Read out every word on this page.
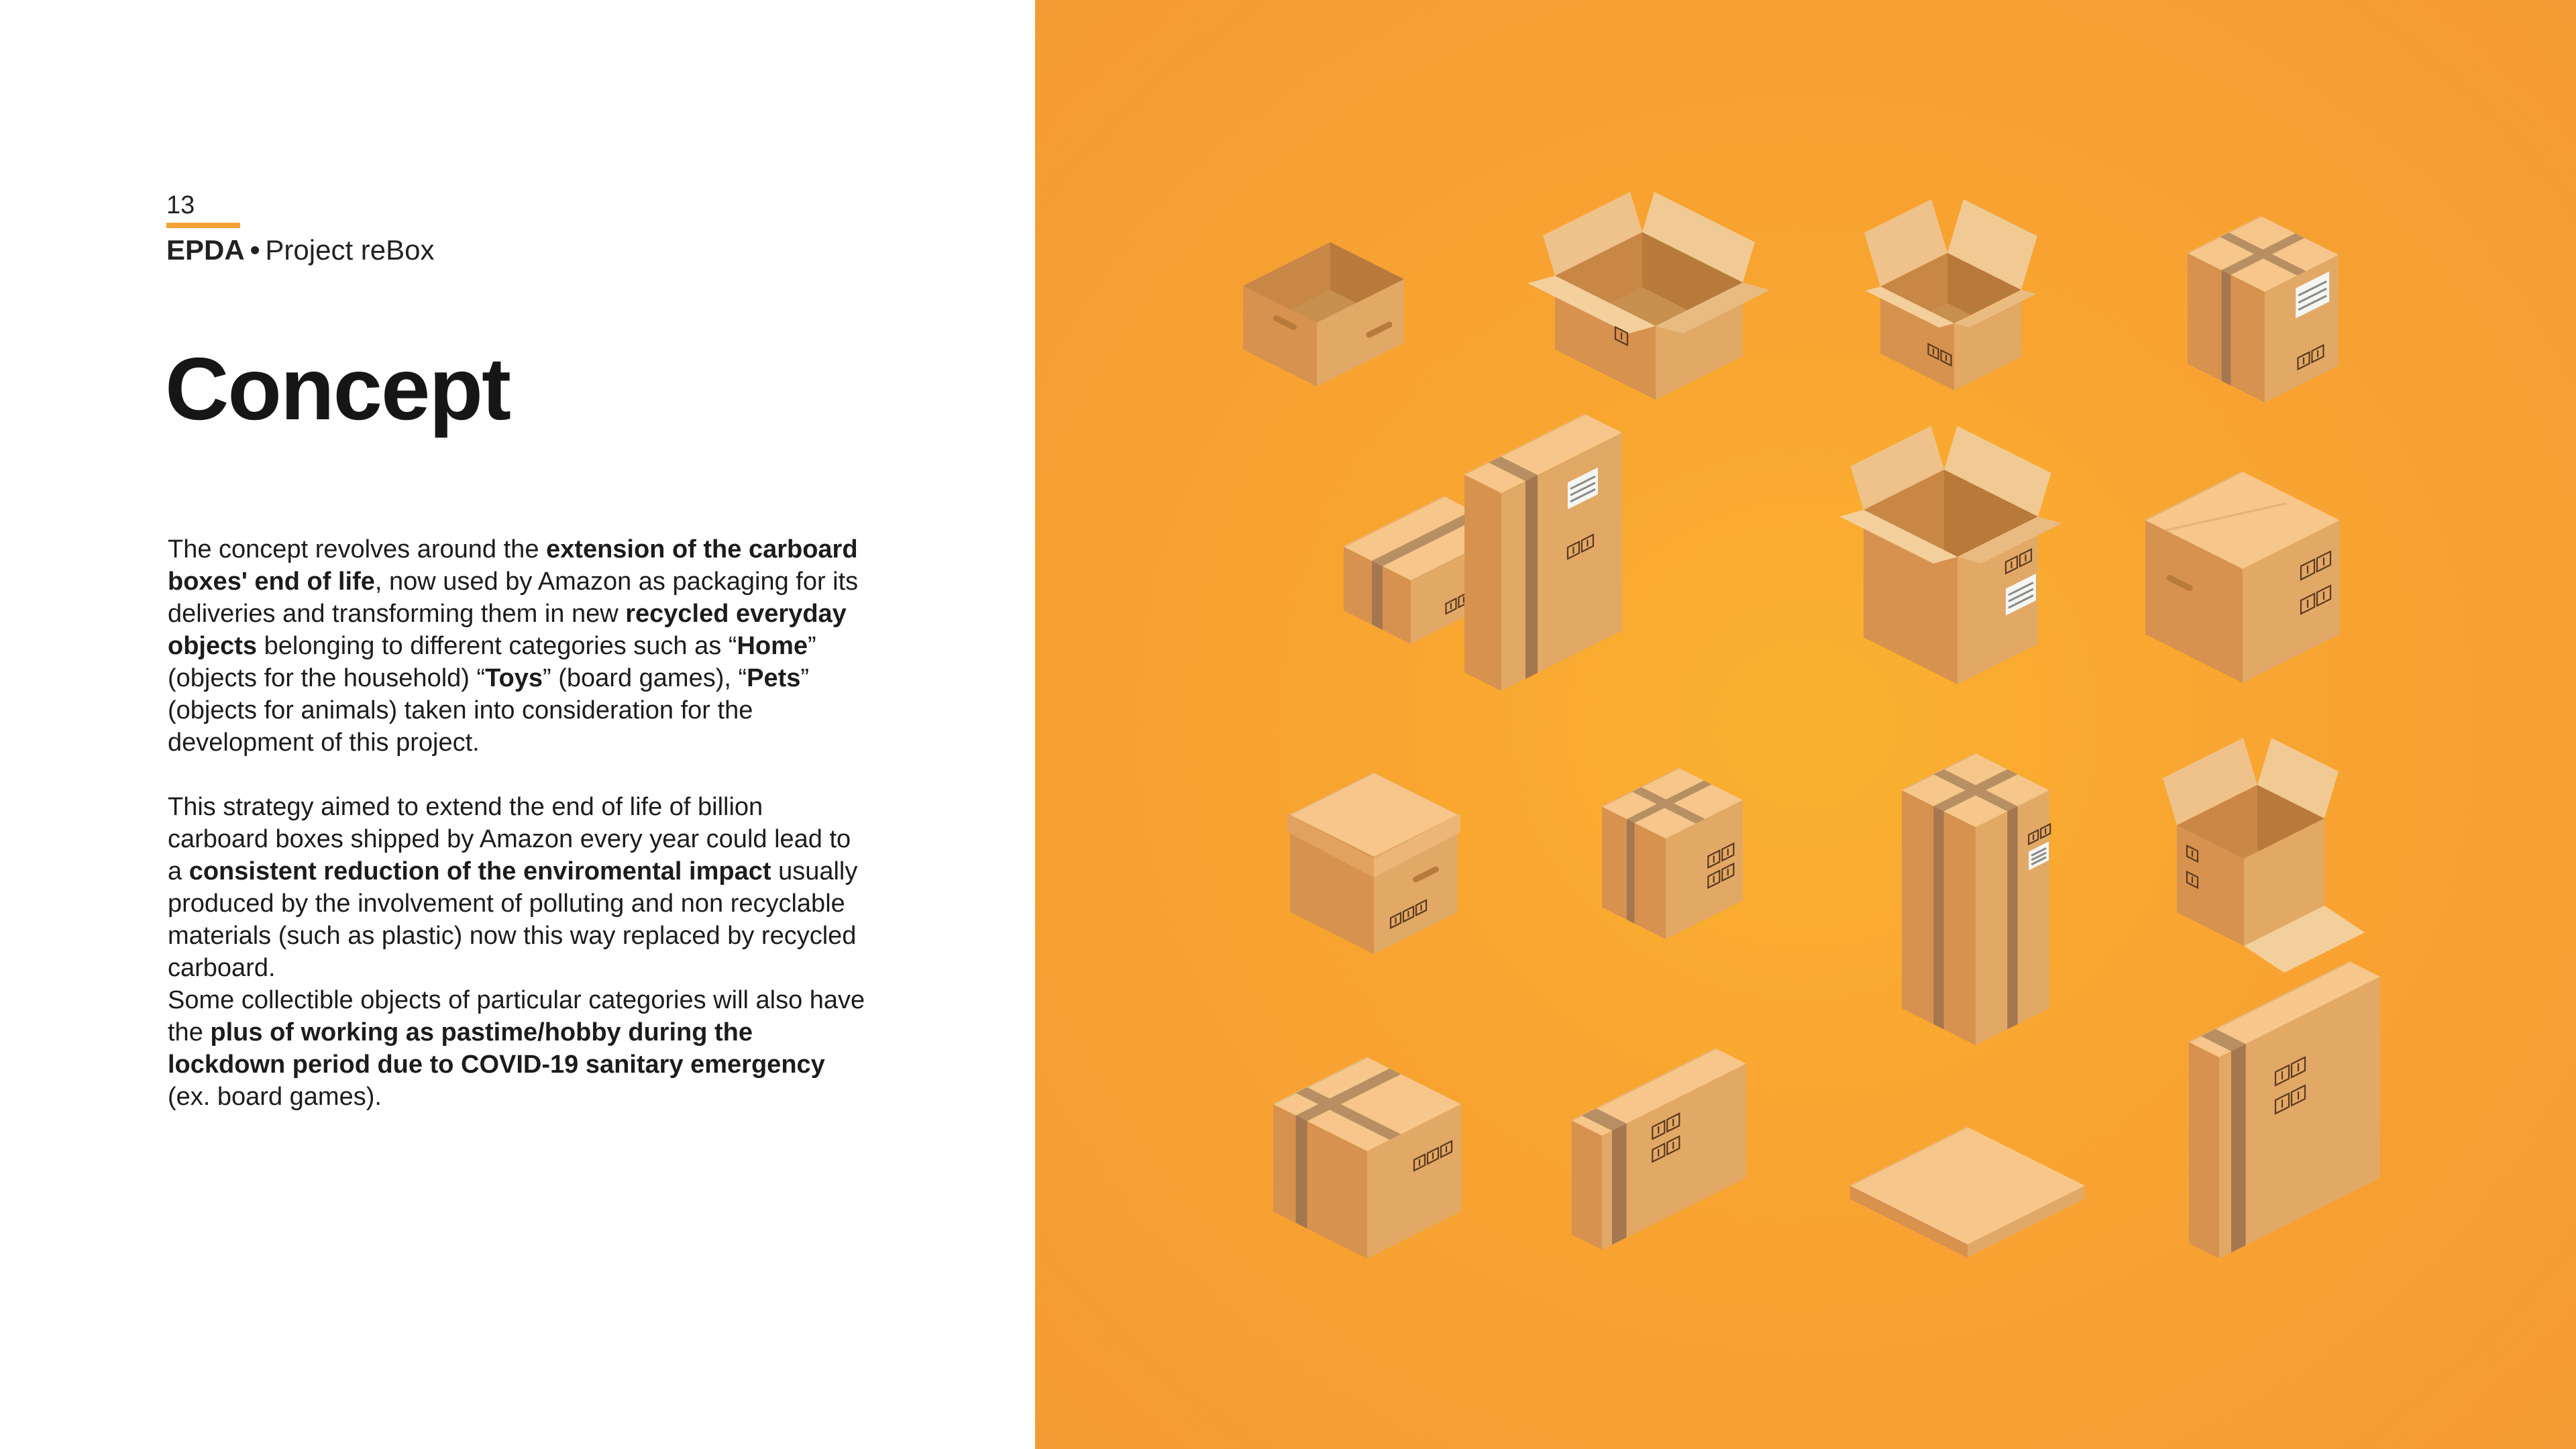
13
EPDA • Project reBox
Concept

The concept revolves around the extension of the carboard boxes' end of life, now used by Amazon as packaging for its deliveries and transforming them in new recycled everyday objects belonging to different categories such as “Home” (objects for the household) “Toys” (board games), “Pets” (objects for animals) taken into consideration for the development of this project.

This strategy aimed to extend the end of life of billion carboard boxes shipped by Amazon every year could lead to a consistent reduction of the enviromental impact usually produced by the involvement of polluting and non recyclable materials (such as plastic) now this way replaced by recycled carboard.
Some collectible objects of particular categories will also have the plus of working as pastime/hobby during the lockdown period due to COVID-19 sanitary emergency (ex. board games).
